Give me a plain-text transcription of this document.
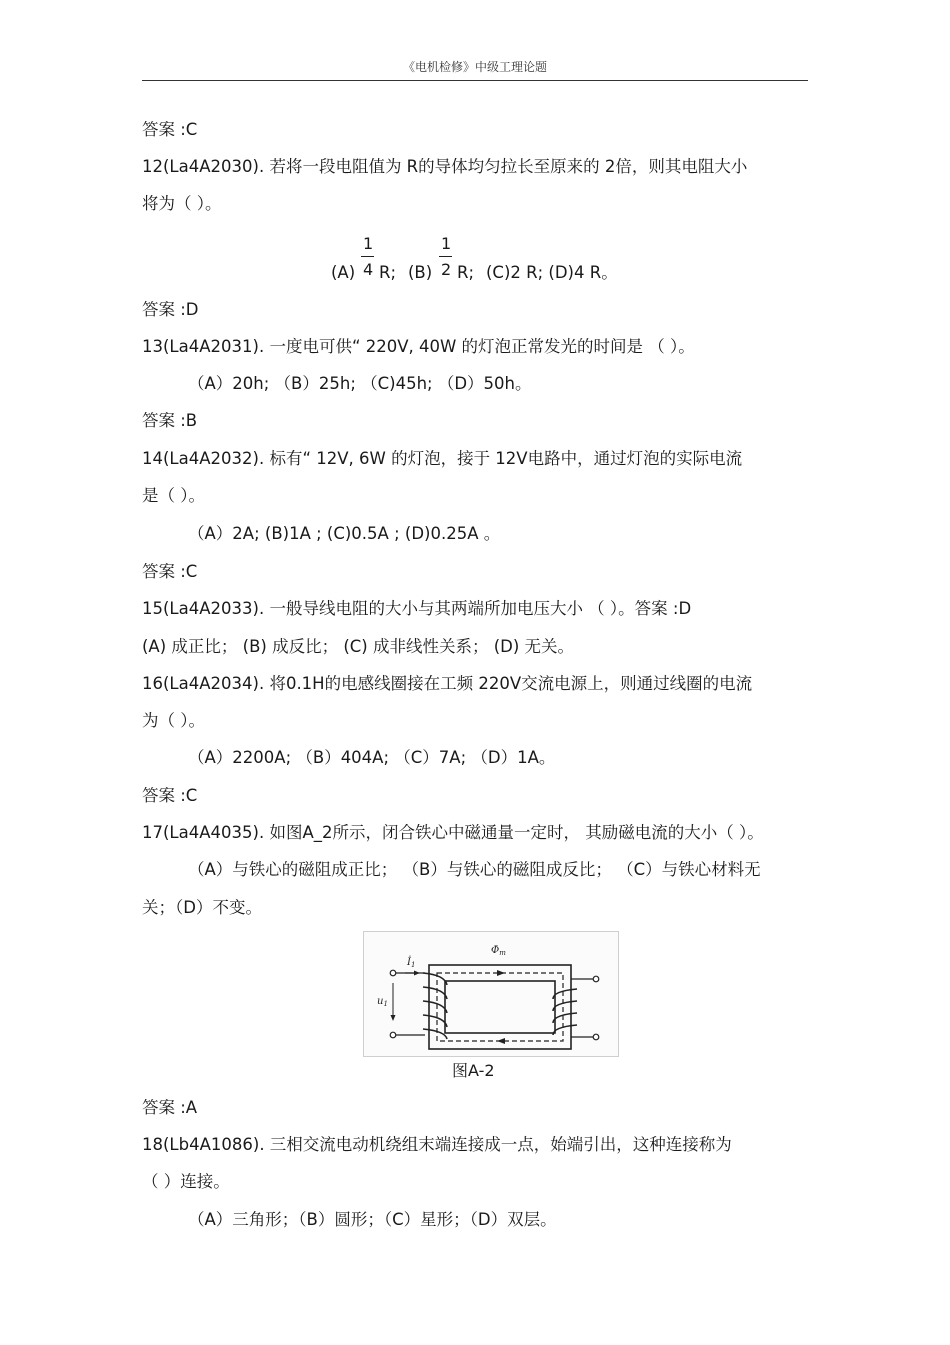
《电机检修》中级工理论题
答案 :C
12(La4A2030). 若将一段电阻值为 R的导体均匀拉长至原来的 2倍，则其电阻大小
将为（ ）。
(A)
1
4 R; (B)
1
2 R; (C)2 R; (D)4 R。
答案 :D
13(La4A2031). 一度电可供“ 220V, 40W 的灯泡正常发光的时间是 （ ）。
（A）20h; （B）25h; （C)45h; （D）50h。
答案 :B
14(La4A2032). 标有“ 12V, 6W 的灯泡，接于 12V电路中，通过灯泡的实际电流
是（ ）。
（A）2A; (B)1A ; (C)0.5A ; (D)0.25A 。
答案 :C
15(La4A2033). 一般导线电阻的大小与其两端所加电压大小 （ ）。答案 :D
(A) 成正比； (B) 成反比； (C) 成非线性关系； (D) 无关。
16(La4A2034). 将0.1H的电感线圈接在工频 220V交流电源上，则通过线圈的电流
为（ ）。
（A）2200A; （B）404A; （C）7A; （D）1A。
答案 :C
17(La4A4035). 如图A_2所示，闭合铁心中磁通量一定时， 其励磁电流的大小（ ）。
（A）与铁心的磁阻成正比； （B）与铁心的磁阻成反比； （C）与铁心材料无
关；（D）不变。
$İ_1$
$\Phi̇_m$
$u_1$
图A-2
答案 :A
18(Lb4A1086). 三相交流电动机绕组末端连接成一点，始端引出，这种连接称为
（ ）连接。
（A）三角形；（B）圆形；（C）星形；（D）双层。
